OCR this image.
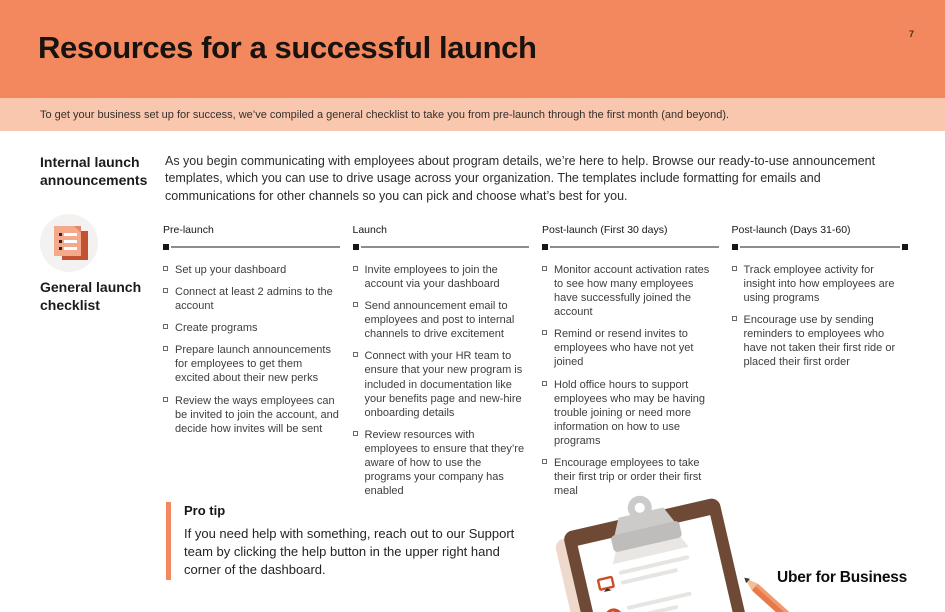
Resources for a successful launch	7
To get your business set up for success, we’ve compiled a general checklist to take you from pre-launch through the first month (and beyond).
Internal launch announcements
General launch checklist
As you begin communicating with employees about program details, we’re here to help. Browse our ready-to-use announcement templates, which you can use to drive usage across your organization. The templates include formatting for emails and communications for other channels so you can pick and choose what’s best for you.
Pre-launch
Set up your dashboard
Connect at least 2 admins to the account
Create programs
Prepare launch announcements for employees to get them excited about their new perks
Review the ways employees can be invited to join the account, and decide how invites will be sent
Launch
Invite employees to join the account via your dashboard
Send announcement email to employees and post to internal channels to drive excitement
Connect with your HR team to ensure that your new program is included in documentation like your benefits page and new-hire onboarding details
Review resources with employees to ensure that they’re aware of how to use the programs your company has enabled
Post-launch (First 30 days)
Monitor account activation rates to see how many employees have successfully joined the account
Remind or resend invites to employees who have not yet joined
Hold office hours to support employees who may be having trouble joining or need more information on how to use programs
Encourage employees to take their first trip or order their first meal
Post-launch (Days 31-60)
Track employee activity for insight into how employees are using programs
Encourage use by sending reminders to employees who have not taken their first ride or placed their first order
Pro tip
If you need help with something, reach out to our Support team by clicking the help button in the upper right hand corner of the dashboard.	Uber for Business
